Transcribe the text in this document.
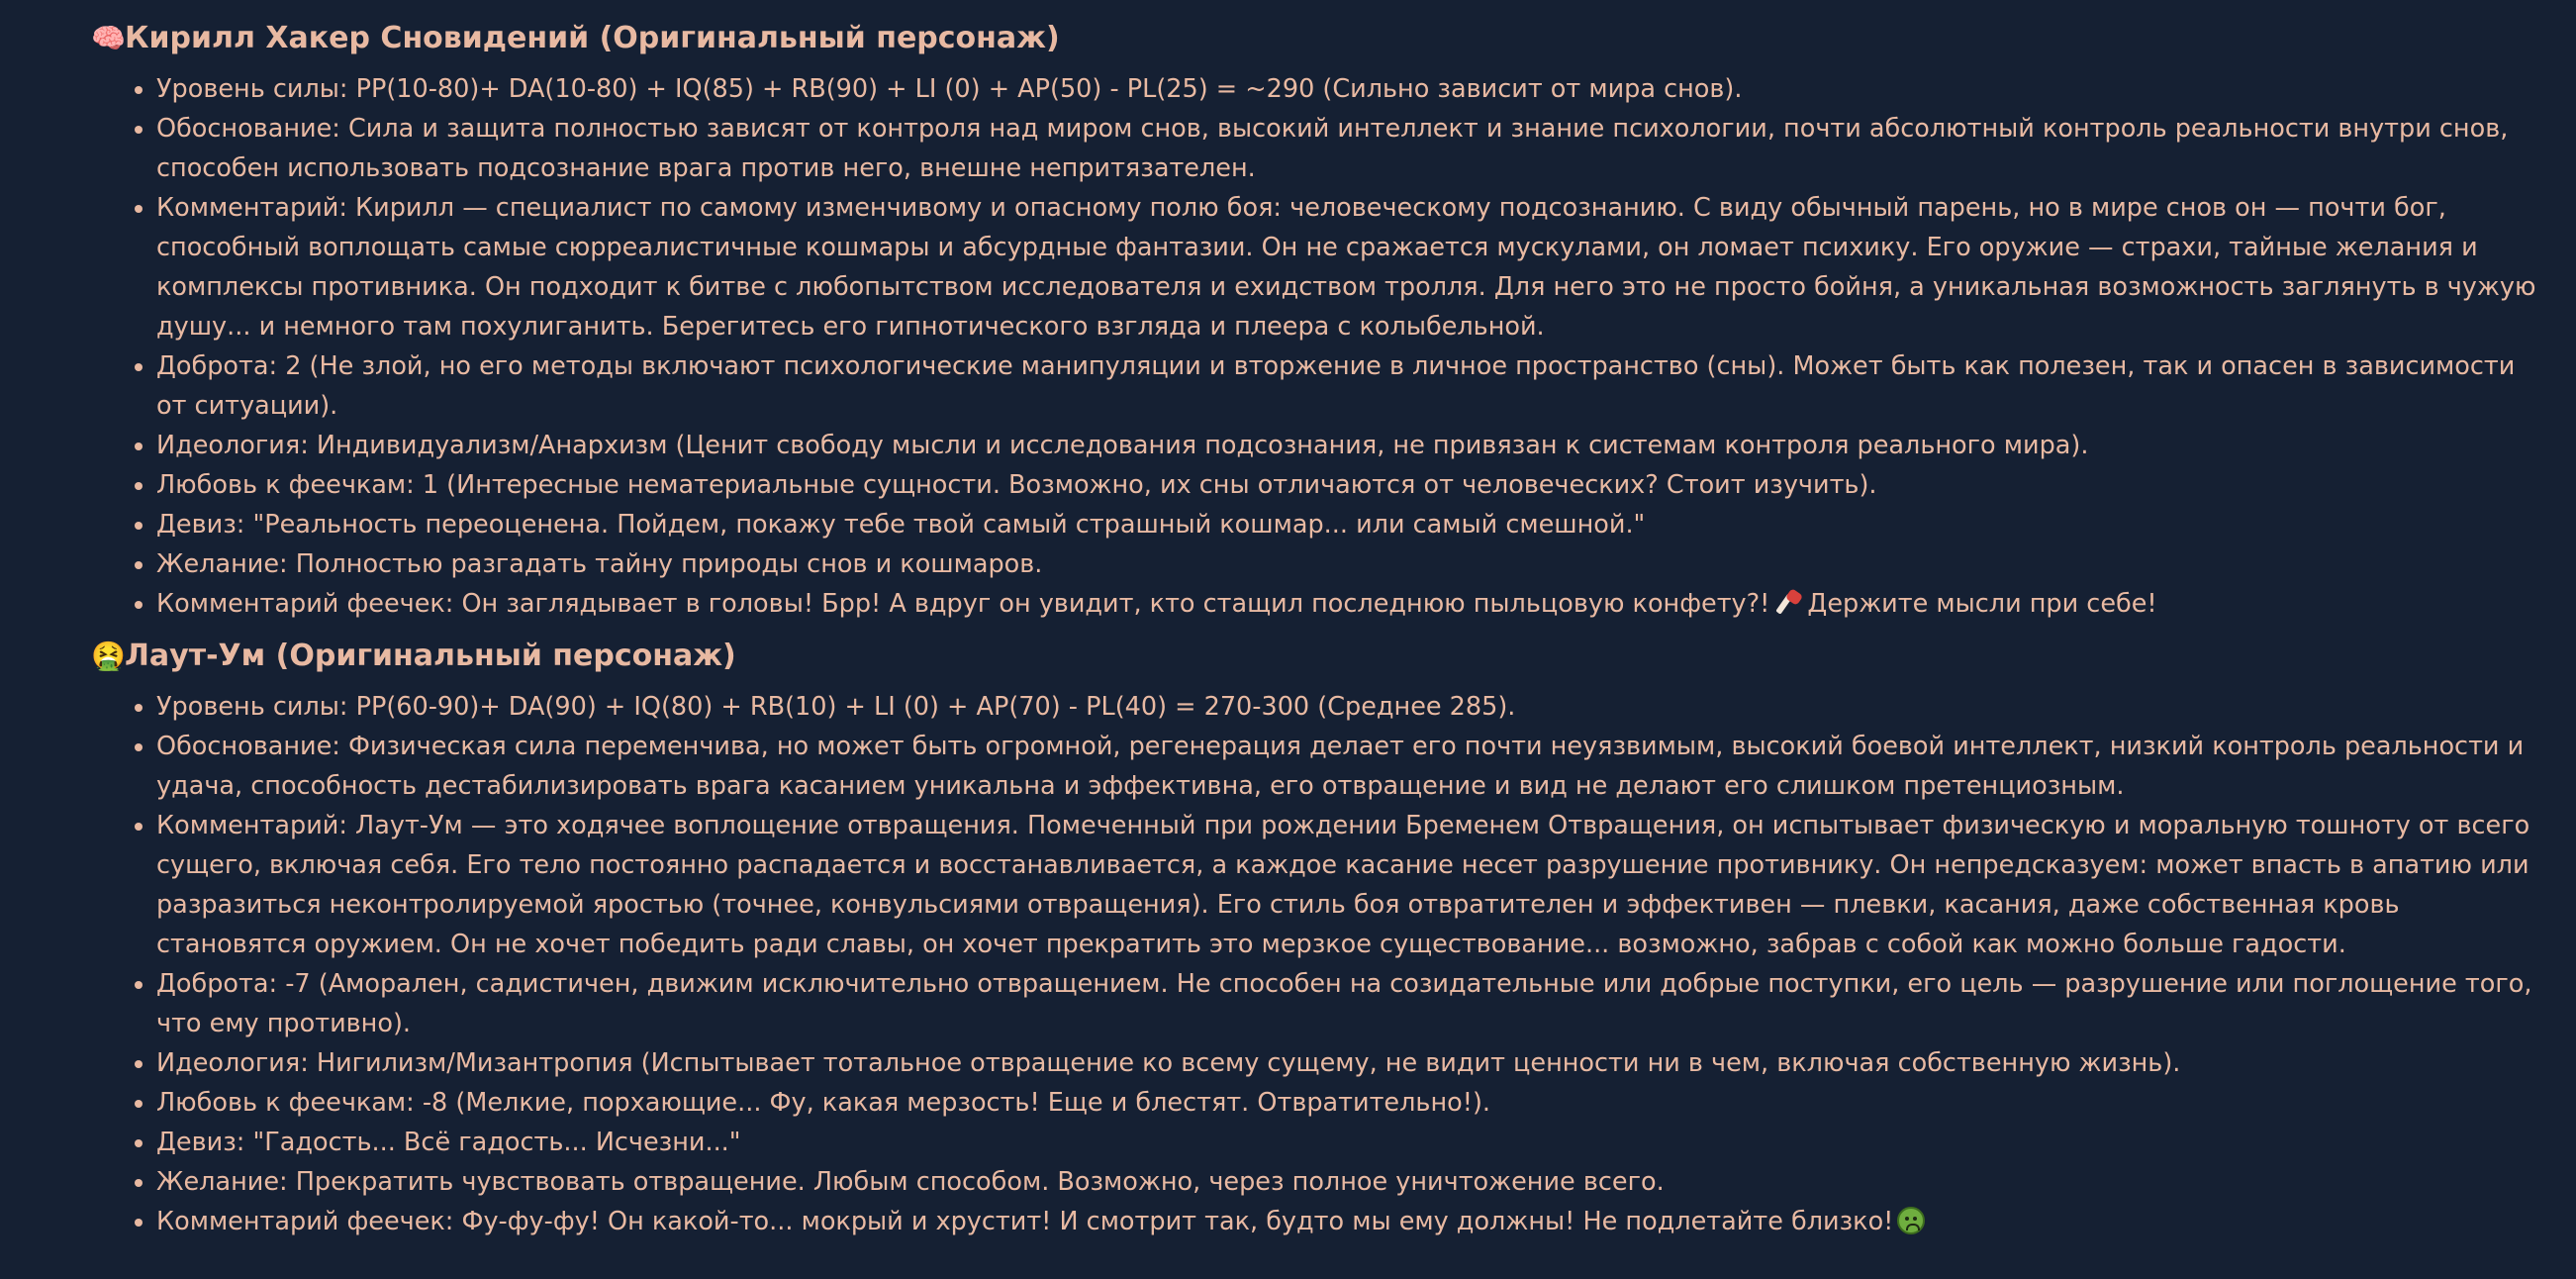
🧠 Кирилл Хакер Сновидений (Оригинальный персонаж)
Уровень силы: PP(10-80)+ DA(10-80) + IQ(85) + RB(90) + LI (0) + AP(50) - PL(25) = ~290 (Сильно зависит от мира снов).
Обоснование: Сила и защита полностью зависят от контроля над миром снов, высокий интеллект и знание психологии, почти абсолютный контроль реальности внутри снов, способен использовать подсознание врага против него, внешне непритязателен.
Комментарий: Кирилл — специалист по самому изменчивому и опасному полю боя: человеческому подсознанию. С виду обычный парень, но в мире снов он — почти бог, способный воплощать самые сюрреалистичные кошмары и абсурдные фантазии. Он не сражается мускулами, он ломает психику. Его оружие — страхи, тайные желания и комплексы противника. Он подходит к битве с любопытством исследователя и ехидством тролля. Для него это не просто бойня, а уникальная возможность заглянуть в чужую душу... и немного там похулиганить. Берегитесь его гипнотического взгляда и плеера с колыбельной.
Доброта: 2 (Не злой, но его методы включают психологические манипуляции и вторжение в личное пространство (сны). Может быть как полезен, так и опасен в зависимости от ситуации).
Идеология: Индивидуализм/Анархизм (Ценит свободу мысли и исследования подсознания, не привязан к системам контроля реального мира).
Любовь к феечкам: 1 (Интересные нематериальные сущности. Возможно, их сны отличаются от человеческих? Стоит изучить).
Девиз: "Реальность переоценена. Пойдем, покажу тебе твой самый страшный кошмар... или самый смешной."
Желание: Полностью разгадать тайну природы снов и кошмаров.
Комментарий феечек: Он заглядывает в головы! Брр! А вдруг он увидит, кто стащил последнюю пыльцовую конфету?! Держите мысли при себе!
🤮 Лаут-Ум (Оригинальный персонаж)
Уровень силы: PP(60-90)+ DA(90) + IQ(80) + RB(10) + LI (0) + AP(70) - PL(40) = 270-300 (Среднее 285).
Обоснование: Физическая сила переменчива, но может быть огромной, регенерация делает его почти неуязвимым, высокий боевой интеллект, низкий контроль реальности и удача, способность дестабилизировать врага касанием уникальна и эффективна, его отвращение и вид не делают его слишком претенциозным.
Комментарий: Лаут-Ум — это ходячее воплощение отвращения. Помеченный при рождении Бременем Отвращения, он испытывает физическую и моральную тошноту от всего сущего, включая себя. Его тело постоянно распадается и восстанавливается, а каждое касание несет разрушение противнику. Он непредсказуем: может впасть в апатию или разразиться неконтролируемой яростью (точнее, конвульсиями отвращения). Его стиль боя отвратителен и эффективен — плевки, касания, даже собственная кровь становятся оружием. Он не хочет победить ради славы, он хочет прекратить это мерзкое существование... возможно, забрав с собой как можно больше гадости.
Доброта: -7 (Аморален, садистичен, движим исключительно отвращением. Не способен на созидательные или добрые поступки, его цель — разрушение или поглощение того, что ему противно).
Идеология: Нигилизм/Мизантропия (Испытывает тотальное отвращение ко всему сущему, не видит ценности ни в чем, включая собственную жизнь).
Любовь к феечкам: -8 (Мелкие, порхающие... Фу, какая мерзость! Еще и блестят. Отвратительно!).
Девиз: "Гадость... Всё гадость... Исчезни..."
Желание: Прекратить чувствовать отвращение. Любым способом. Возможно, через полное уничтожение всего.
Комментарий феечек: Фу-фу-фу! Он какой-то... мокрый и хрустит! И смотрит так, будто мы ему должны! Не подлетайте близко!
